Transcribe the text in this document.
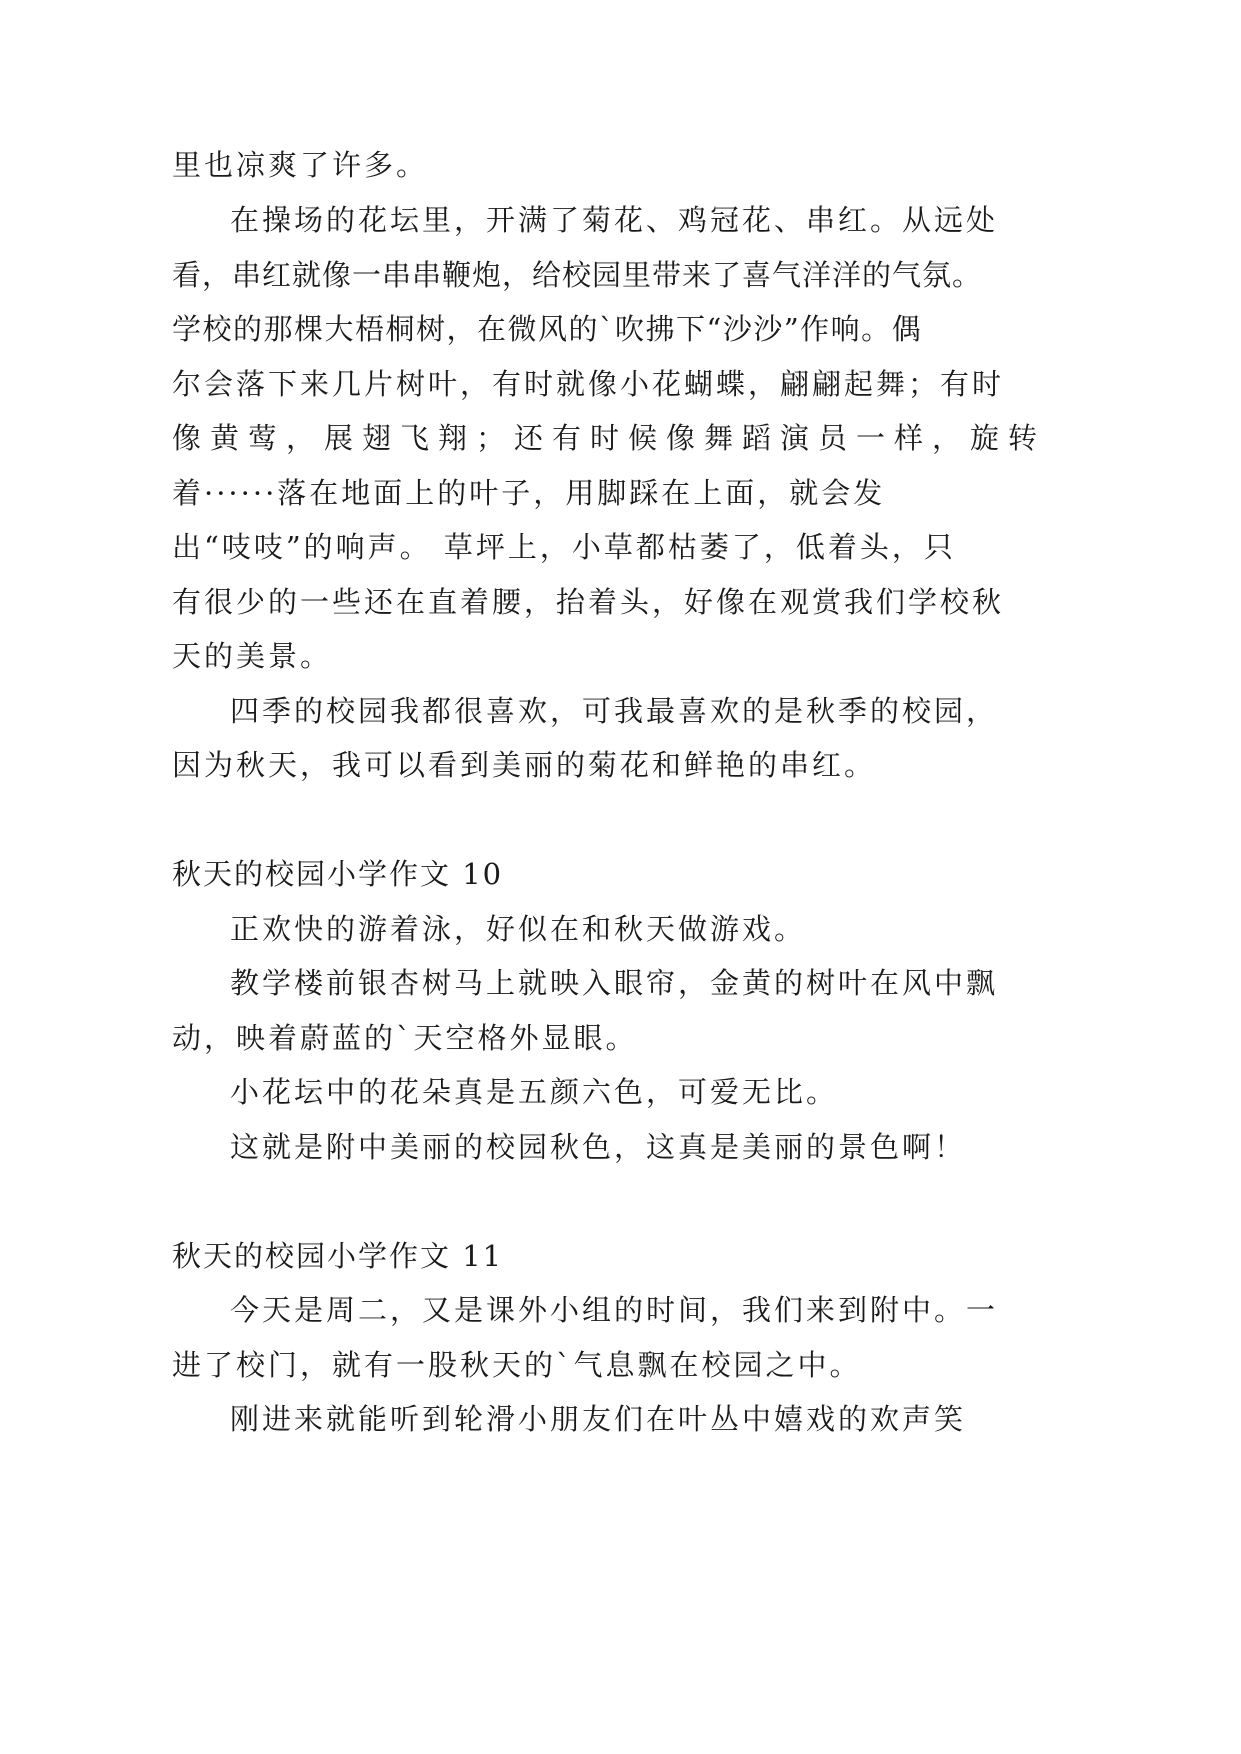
里也凉爽了许多。
在操场的花坛里，开满了菊花、鸡冠花、串红。从远处
看，串红就像一串串鞭炮，给校园里带来了喜气洋洋的气氛。
学校的那棵大梧桐树，在微风的`吹拂下“沙沙”作响。偶
尔会落下来几片树叶，有时就像小花蝴蝶，翩翩起舞；有时
像黄莺，展翅飞翔；还有时候像舞蹈演员一样，旋转
着······落在地面上的叶子，用脚踩在上面，就会发
出“吱吱”的响声。 草坪上，小草都枯萎了，低着头，只
有很少的一些还在直着腰，抬着头，好像在观赏我们学校秋
天的美景。
四季的校园我都很喜欢，可我最喜欢的是秋季的校园，
因为秋天，我可以看到美丽的菊花和鲜艳的串红。
秋天的校园小学作文 10
正欢快的游着泳，好似在和秋天做游戏。
教学楼前银杏树马上就映入眼帘，金黄的树叶在风中飘
动，映着蔚蓝的`天空格外显眼。
小花坛中的花朵真是五颜六色，可爱无比。
这就是附中美丽的校园秋色，这真是美丽的景色啊！
秋天的校园小学作文 11
今天是周二，又是课外小组的时间，我们来到附中。一
进了校门，就有一股秋天的`气息飘在校园之中。
刚进来就能听到轮滑小朋友们在叶丛中嬉戏的欢声笑
